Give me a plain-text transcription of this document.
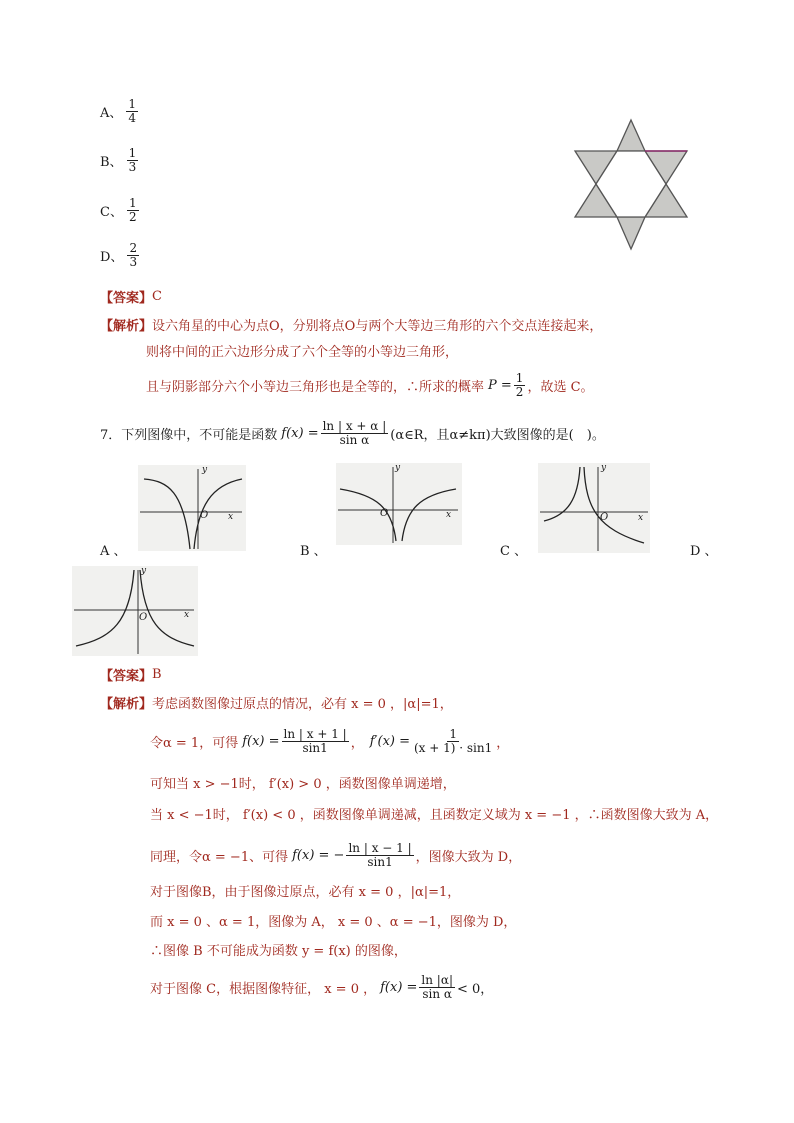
A、 $\frac{1}{4}$
B、 $\frac{1}{3}$
C、 $\frac{1}{2}$
D、 $\frac{2}{3}$
【答案】 C
【解析】 设六角星的中心为点O，分别将点O与两个大等边三角形的六个交点连接起来，
则将中间的正六边形分成了六个全等的小等边三角形，
且与阴影部分六个小等边三角形也是全等的，∴所求的概率 $P = \frac{1}{2}$ ，故选 C。
7．下列图像中，不可能是函数 $f(x) = \frac{\ln | x + \alpha |}{\text{sin α}}$ (α∈R，且α≠kπ)大致图像的是(　)。
y
x
O
A 、
y
x
O
B 、
y
x
O
C 、	D 、
y
x
O
【答案】 B
【解析】 考虑函数图像过原点的情况，必有 x = 0 ，|α|=1，
令α = 1，可得 $f(x) = \frac{\ln | x + 1 |}{\sin 1}$ ， $f'(x) = \frac{1}{(x + 1) \cdot \sin 1}$ ，
可知当 x > −1时， f′(x) > 0 ，函数图像单调递增，
当 x < −1时， f′(x) < 0 ，函数图像单调递减，且函数定义域为 x = −1 ，∴函数图像大致为 A，
同理，令α = −1、可得 f(x) = − $\frac{\ln | x - 1 |}{\sin 1}$ ，图像大致为 D，
对于图像B，由于图像过原点，必有 x = 0 ，|α|=1，
而 x = 0 、α = 1，图像为 A， x = 0 、α = −1，图像为 D，
∴图像 B 不可能成为函数 y = f(x) 的图像，
对于图像 C，根据图像特征， x = 0 ， $f(x) = \frac{\ln |\alpha|}{\text{sin α}} < 0$，
